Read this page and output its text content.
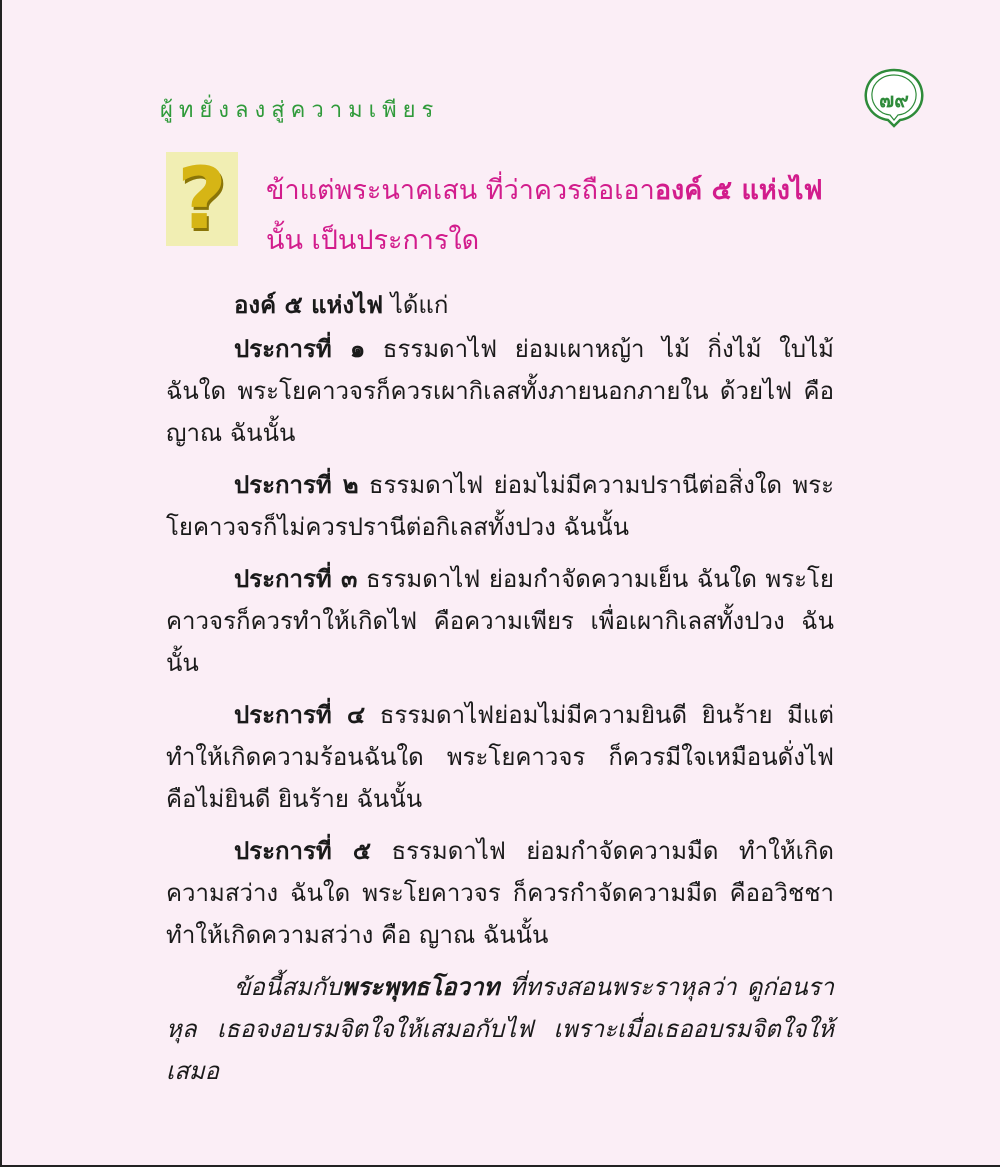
ผู้ทยั่งลงสู่ความเพียร	๗๙
?	ข้าแต่พระนาคเสน ที่ว่าควรถือเอาองค์ ๕ แห่งไฟ นั้น เป็นประการใด

องค์ ๕ แห่งไฟ ได้แก่

ประการที่ ๑ ธรรมดาไฟ ย่อมเผาหญ้า ไม้ กิ่งไม้ ใบไม้ ฉันใด พระโยคาวจรก็ควรเผากิเลสทั้งภายนอกภายใน ด้วยไฟ คือญาณ ฉันนั้น

ประการที่ ๒ ธรรมดาไฟ ย่อมไม่มีความปรานีต่อสิ่งใด พระโยคาวจรก็ไม่ควรปรานีต่อกิเลสทั้งปวง ฉันนั้น

ประการที่ ๓ ธรรมดาไฟ ย่อมกำจัดความเย็น ฉันใด พระโยคาวจรก็ควรทำให้เกิดไฟ คือความเพียร เพื่อเผากิเลสทั้งปวง ฉันนั้น

ประการที่ ๔ ธรรมดาไฟย่อมไม่มีความยินดี ยินร้าย มีแต่ทำให้เกิดความร้อนฉันใด พระโยคาวจร ก็ควรมีใจเหมือนดั่งไฟ คือไม่ยินดี ยินร้าย ฉันนั้น

ประการที่ ๕ ธรรมดาไฟ ย่อมกำจัดความมืด ทำให้เกิดความสว่าง ฉันใด พระโยคาวจร ก็ควรกำจัดความมืด คืออวิชชา ทำให้เกิดความสว่าง คือ ญาณ ฉันนั้น

ข้อนี้สมกับพระพุทธโอวาท ที่ทรงสอนพระราหุลว่า ดูก่อนราหุล เธอจงอบรมจิตใจให้เสมอกับไฟ เพราะเมื่อเธออบรมจิตใจให้เสมอ
